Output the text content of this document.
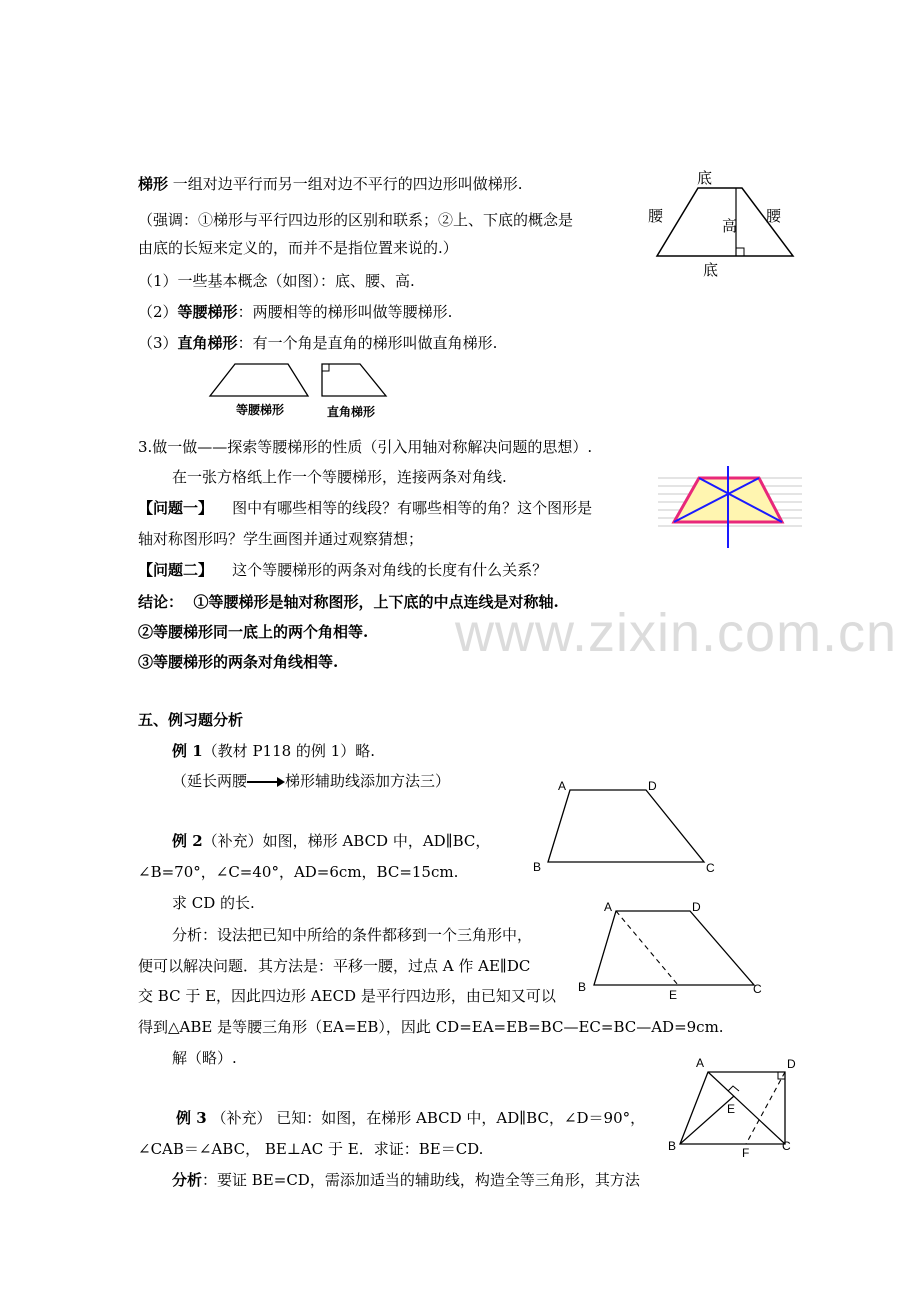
梯形 一组对边平行而另一组对边不平行的四边形叫做梯形.
（强调：①梯形与平行四边形的区别和联系；②上、下底的概念是
由底的长短来定义的，而并不是指位置来说的.）
（1）一些基本概念（如图）：底、腰、高.
（2）等腰梯形：两腰相等的梯形叫做等腰梯形.
（3）直角梯形：有一个角是直角的梯形叫做直角梯形.
底
底
腰	腰
高
等腰梯形	直角梯形
3.做一做——探索等腰梯形的性质（引入用轴对称解决问题的思想）.
在一张方格纸上作一个等腰梯形，连接两条对角线.
【问题一】 图中有哪些相等的线段？有哪些相等的角？这个图形是
轴对称图形吗？学生画图并通过观察猜想；
【问题二】 这个等腰梯形的两条对角线的长度有什么关系？
结论： ①等腰梯形是轴对称图形，上下底的中点连线是对称轴.
②等腰梯形同一底上的两个角相等.
③等腰梯形的两条对角线相等.
五、例习题分析
例 1（教材 P118 的例 1）略.
（延长两腰	梯形辅助线添加方法三）	A	D
B	C
例 2（补充）如图，梯形 ABCD 中，AD∥BC，
∠B=70°，∠C=40°，AD=6cm，BC=15cm.
求 CD 的长.
分析：设法把已知中所给的条件都移到一个三角形中，
便可以解决问题．其方法是：平移一腰，过点 A 作 AE∥DC
交 BC 于 E，因此四边形 AECD 是平行四边形，由已知又可以
得到△ABE 是等腰三角形（EA=EB），因此 CD=EA=EB=BC—EC=BC—AD=9cm.
解（略）.
A	D
B	C
E
例 3 （补充） 已知：如图，在梯形 ABCD 中，AD∥BC，∠D＝90°，
∠CAB＝∠ABC， BE⊥AC 于 E．求证：BE＝CD.
分析：要证 BE=CD，需添加适当的辅助线，构造全等三角形，其方法
A	D
B	C
E
F
www.zixin.com.cn
